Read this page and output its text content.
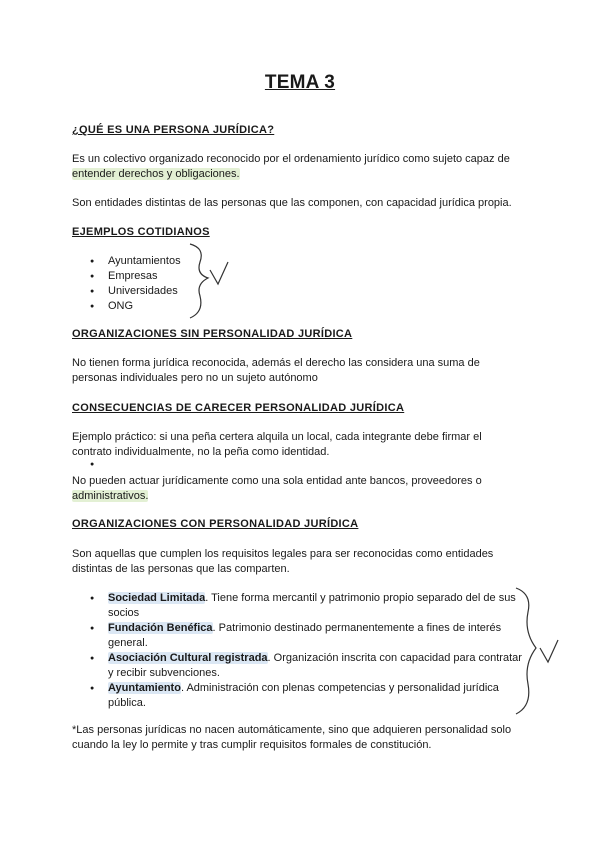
TEMA 3
¿QUÉ ES UNA PERSONA JURÍDICA?
Es un colectivo organizado reconocido por el ordenamiento jurídico como sujeto capaz de
entender derechos y obligaciones.
Son entidades distintas de las personas que las componen, con capacidad jurídica propia.
EJEMPLOS COTIDIANOS
● Ayuntamientos
● Empresas
● Universidades
● ONG
ORGANIZACIONES SIN PERSONALIDAD JURÍDICA
No tienen forma jurídica reconocida, además el derecho las considera una suma de
personas individuales pero no un sujeto autónomo
CONSECUENCIAS DE CARECER PERSONALIDAD JURÍDICA
Ejemplo práctico: si una peña certera alquila un local, cada integrante debe firmar el
contrato individualmente, no la peña como identidad.
●
No pueden actuar jurídicamente como una sola entidad ante bancos, proveedores o
administrativos.
ORGANIZACIONES CON PERSONALIDAD JURÍDICA
Son aquellas que cumplen los requisitos legales para ser reconocidas como entidades
distintas de las personas que las comparten.
● Sociedad Limitada. Tiene forma mercantil y patrimonio propio separado del de sus
socios
● Fundación Benéfica. Patrimonio destinado permanentemente a fines de interés
general.
● Asociación Cultural registrada. Organización inscrita con capacidad para contratar
y recibir subvenciones.
● Ayuntamiento. Administración con plenas competencias y personalidad jurídica
pública.
*Las personas jurídicas no nacen automáticamente, sino que adquieren personalidad solo
cuando la ley lo permite y tras cumplir requisitos formales de constitución.
